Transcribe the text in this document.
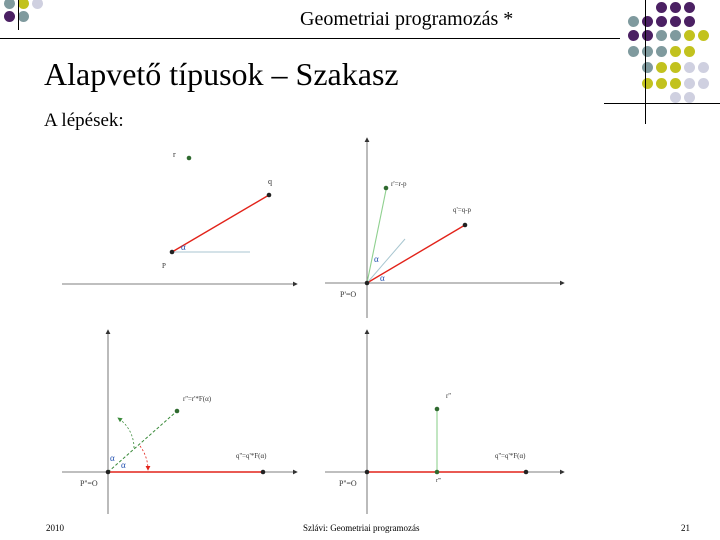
Geometriai programozás *
Alapvető típusok – Szakasz
A lépések:
r
q
α
P
r'=r-p
q'=q-p
α
α
P'=O
r''=r'*F(α)
q''=q'*F(α)
α
α
P''=O
r''
q''=q'*F(α)
r'''
P''=O
2010	Szlávi: Geometriai programozás	21
